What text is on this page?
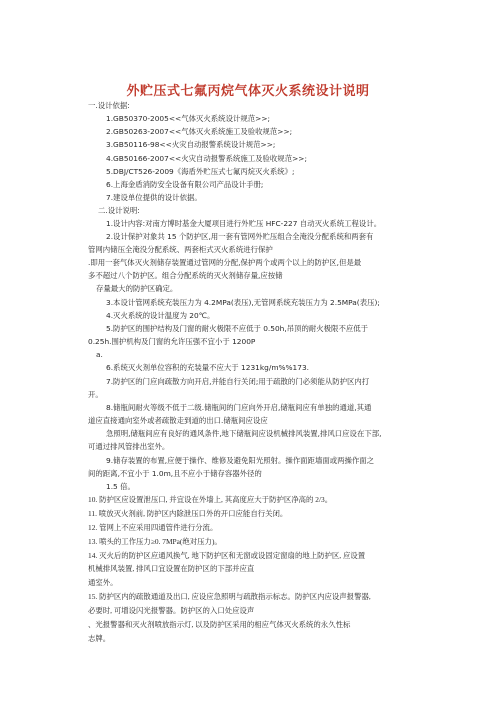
外贮压式七氟丙烷气体灭火系统设计说明
一.设计依据:
1.GB50370-2005<<气体灭火系统设计规范>>;
2.GB50263-2007<<气体灭火系统施工及验收规范>>;
3.GB50116-98<<火灾自动报警系统设计规范>>;
4.GB50166-2007<<火灾自动报警系统施工及验收规范>>;
5.DBJ/CT526-2009《海盾外贮压式七氟丙烷灭火系统》;
6.上海金盾消防安全设备有限公司产品设计手册;
7.建设单位提供的设计依据。
二.设计说明:
1.设计内容:对南方博时基金大厦项目进行外贮压 HFC-227 自动灭火系统工程设计。
2.设计保护对象共 15 个防护区,用一套有管网外贮压组合全淹没分配系统和两套有
管网内储压全淹没分配系统、两套柜式灭火系统进行保护
.即用一套气体灭火剂储存装置通过管网的分配,保护两个或两个以上的防护区,但是最
多不超过八个防护区。组合分配系统的灭火剂储存量,应按储
存量最大的防护区确定。
3.本设计管网系统充装压力为 4.2MPa(表压),无管网系统充装压力为 2.5MPa(表压);
4.灭火系统的设计温度为 20℃。
5.防护区的围护结构及门窗的耐火极限不应低于 0.50h,吊顶的耐火极限不应低于
0.25h.围护机构及门窗的允许压强不宜小于 1200P
a.
6.系统灭火剂单位容积的充装量不应大于 1231kg/m%%173.
7.防护区的门应向疏散方向开启,并能自行关闭;用于疏散的门必须能从防护区内打
开。
8.储瓶间耐火等级不低于二级.储瓶间的门应向外开启,储瓶间应有单独的通道,其通
道应直接通向室外或者疏散走到道的出口.储瓶间应设应
急照明,储瓶间应有良好的通风条件,地下储瓶间应设机械排风装置,排风口应设在下部,
可通过排风管排出室外。
9.储存装置的布置,应便于操作、维修及避免阳光照射。操作面距墙面或两操作面之
间的距离,不宜小于 1.0m,且不应小于储存容器外径的
1.5 倍。
10. 防护区应设置泄压口, 并宜设在外墙上, 其高度应大于防护区净高的 2/3。
11. 喷放灭火剂前, 防护区内除泄压口外的开口应能自行关闭。
12. 管网上不应采用四通管件进行分流。
13. 喷头的工作压力≥0. 7MPa(绝对压力)。
14. 灭火后的防护区应通风换气, 地下防护区和无窗或设固定窗扇的地上防护区, 应设置
机械排风装置, 排风口宜设置在防护区的下部并应直
通室外。
15. 防护区内的疏散通道及出口, 应设应急照明与疏散指示标志。防护区内应设声报警器,
必要时, 可增设闪光报警器。防护区的入口处应设声
、光报警器和灭火剂喷放指示灯, 以及防护区采用的相应气体灭火系统的永久性标
志牌。
